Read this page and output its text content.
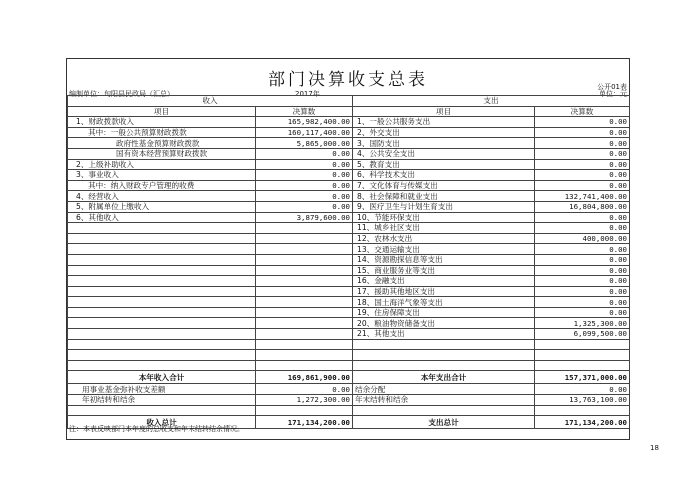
部门决算收支总表	公开01表
编制单位：旬阳县民政局（汇总）	2017年	单位：元
收入		支出	
项目	决算数	项目	决算数
1、财政拨款收入	165,982,400.00	1、一般公共服务支出	0.00
其中：一般公共预算财政拨款	160,117,400.00	2、外交支出	0.00
政府性基金预算财政拨款	5,865,000.00	3、国防支出	0.00
国有资本经营预算财政拨款	0.00	4、公共安全支出	0.00
2、上级补助收入	0.00	5、教育支出	0.00
3、事业收入	0.00	6、科学技术支出	0.00
其中：纳入财政专户管理的收费	0.00	7、文化体育与传媒支出	0.00
4、经营收入	0.00	8、社会保障和就业支出	132,741,400.00
5、附属单位上缴收入	0.00	9、医疗卫生与计划生育支出	16,804,800.00
6、其他收入	3,879,600.00	10、节能环保支出	0.00
		11、城乡社区支出	0.00
		12、农林水支出	400,000.00
		13、交通运输支出	0.00
		14、资源勘探信息等支出	0.00
		15、商业服务业等支出	0.00
		16、金融支出	0.00
		17、援助其他地区支出	0.00
		18、国土海洋气象等支出	0.00
		19、住房保障支出	0.00
		20、粮油物资储备支出	1,325,300.00
		21、其他支出	6,099,500.00

本年收入合计	169,861,900.00	本年支出合计	157,371,000.00
用事业基金弥补收支差额	0.00	结余分配	0.00
年初结转和结余	1,272,300.00	年末结转和结余	13,763,100.00

收入总计	171,134,200.00	支出总计	171,134,200.00
注：本表反映部门本年度的总收支和年末结转结余情况。
18
